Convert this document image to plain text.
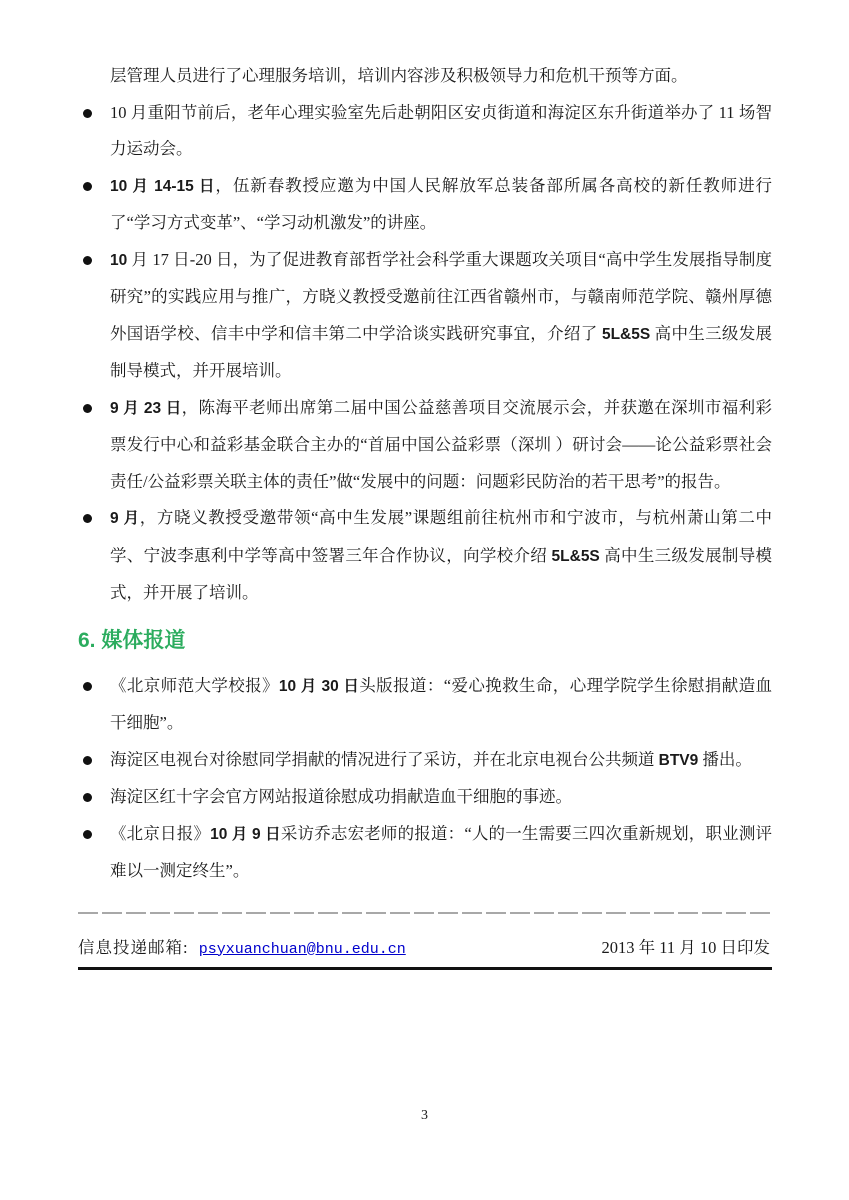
层管理人员进行了心理服务培训，培训内容涉及积极领导力和危机干预等方面。

10 月重阳节前后，老年心理实验室先后赴朝阳区安贞街道和海淀区东升街道举办了 11 场智力运动会。
10 月 14-15 日，伍新春教授应邀为中国人民解放军总装备部所属各高校的新任教师进行了“学习方式变革”、“学习动机激发”的讲座。
10 月 17 日-20 日，为了促进教育部哲学社会科学重大课题攻关项目“高中学生发展指导制度研究”的实践应用与推广，方晓义教授受邀前往江西省赣州市，与赣南师范学院、赣州厚德外国语学校、信丰中学和信丰第二中学洽谈实践研究事宜，介绍了 5L&5S 高中生三级发展制导模式，并开展培训。
9 月 23 日，陈海平老师出席第二届中国公益慈善项目交流展示会，并获邀在深圳市福利彩票发行中心和益彩基金联合主办的“首届中国公益彩票（深圳 ）研讨会——论公益彩票社会责任/公益彩票关联主体的责任”做“发展中的问题：问题彩民防治的若干思考”的报告。
9 月，方晓义教授受邀带领“高中生发展”课题组前往杭州市和宁波市，与杭州萧山第二中学、宁波李惠利中学等高中签署三年合作协议，向学校介绍 5L&5S 高中生三级发展制导模式，并开展了培训。
6. 媒体报道
《北京师范大学校报》10 月 30 日头版报道：“爱心挽救生命，心理学院学生徐慰捐献造血干细胞”。
海淀区电视台对徐慰同学捐献的情况进行了采访，并在北京电视台公共频道 BTV9 播出。
海淀区红十字会官方网站报道徐慰成功捐献造血干细胞的事迹。
《北京日报》10 月 9 日采访乔志宏老师的报道：“人的一生需要三四次重新规划，职业测评难以一测定终生”。
信息投递邮箱: psyxuanchuan@bnu.edu.cn	2013 年 11 月 10 日印发
3
